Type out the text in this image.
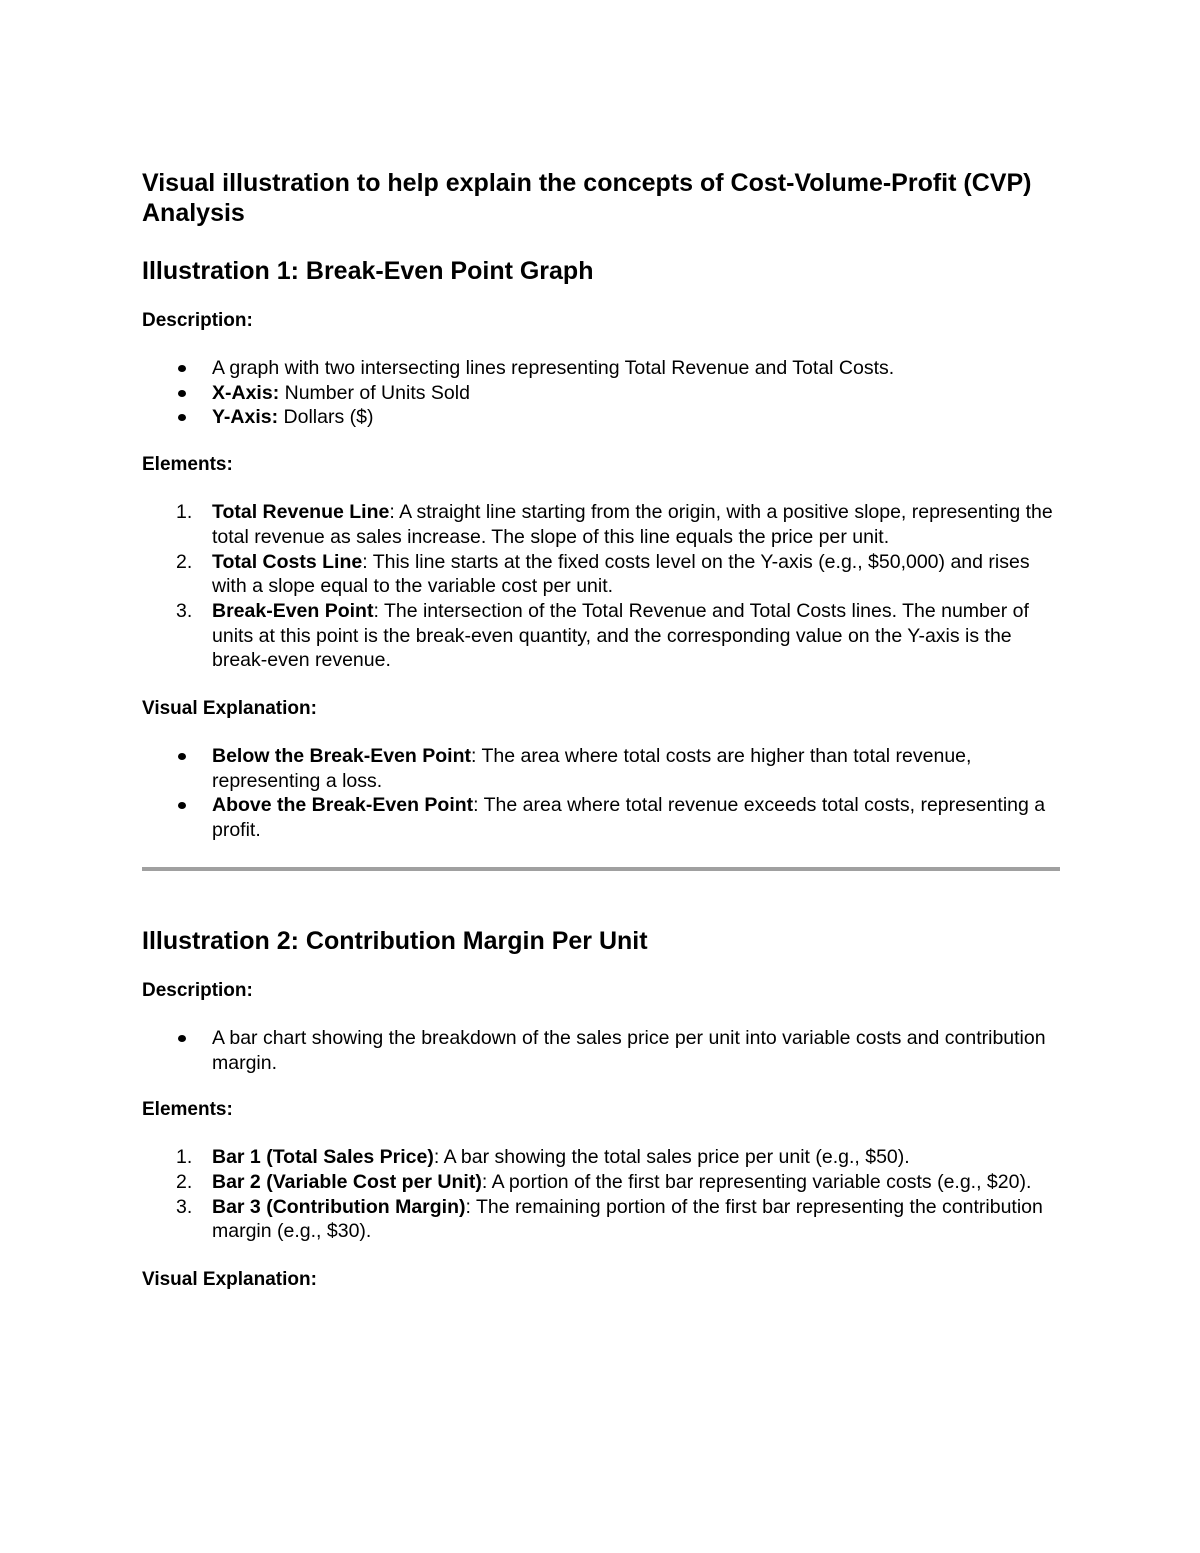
Visual illustration to help explain the concepts of Cost-Volume-Profit (CVP)
Analysis
Illustration 1: Break-Even Point Graph

Description:

A graph with two intersecting lines representing Total Revenue and Total Costs.
X-Axis: Number of Units Sold
Y-Axis: Dollars ($)

Elements:

1. Total Revenue Line: A straight line starting from the origin, with a positive slope, representing the total revenue as sales increase. The slope of this line equals the price per unit.
2. Total Costs Line: This line starts at the fixed costs level on the Y-axis (e.g., $50,000) and rises with a slope equal to the variable cost per unit.
3. Break-Even Point: The intersection of the Total Revenue and Total Costs lines. The number of units at this point is the break-even quantity, and the corresponding value on the Y-axis is the break-even revenue.

Visual Explanation:

Below the Break-Even Point: The area where total costs are higher than total revenue, representing a loss.
Above the Break-Even Point: The area where total revenue exceeds total costs, representing a profit.
Illustration 2: Contribution Margin Per Unit

Description:

A bar chart showing the breakdown of the sales price per unit into variable costs and contribution margin.

Elements:

1. Bar 1 (Total Sales Price): A bar showing the total sales price per unit (e.g., $50).
2. Bar 2 (Variable Cost per Unit): A portion of the first bar representing variable costs (e.g., $20).
3. Bar 3 (Contribution Margin): The remaining portion of the first bar representing the contribution margin (e.g., $30).

Visual Explanation:
